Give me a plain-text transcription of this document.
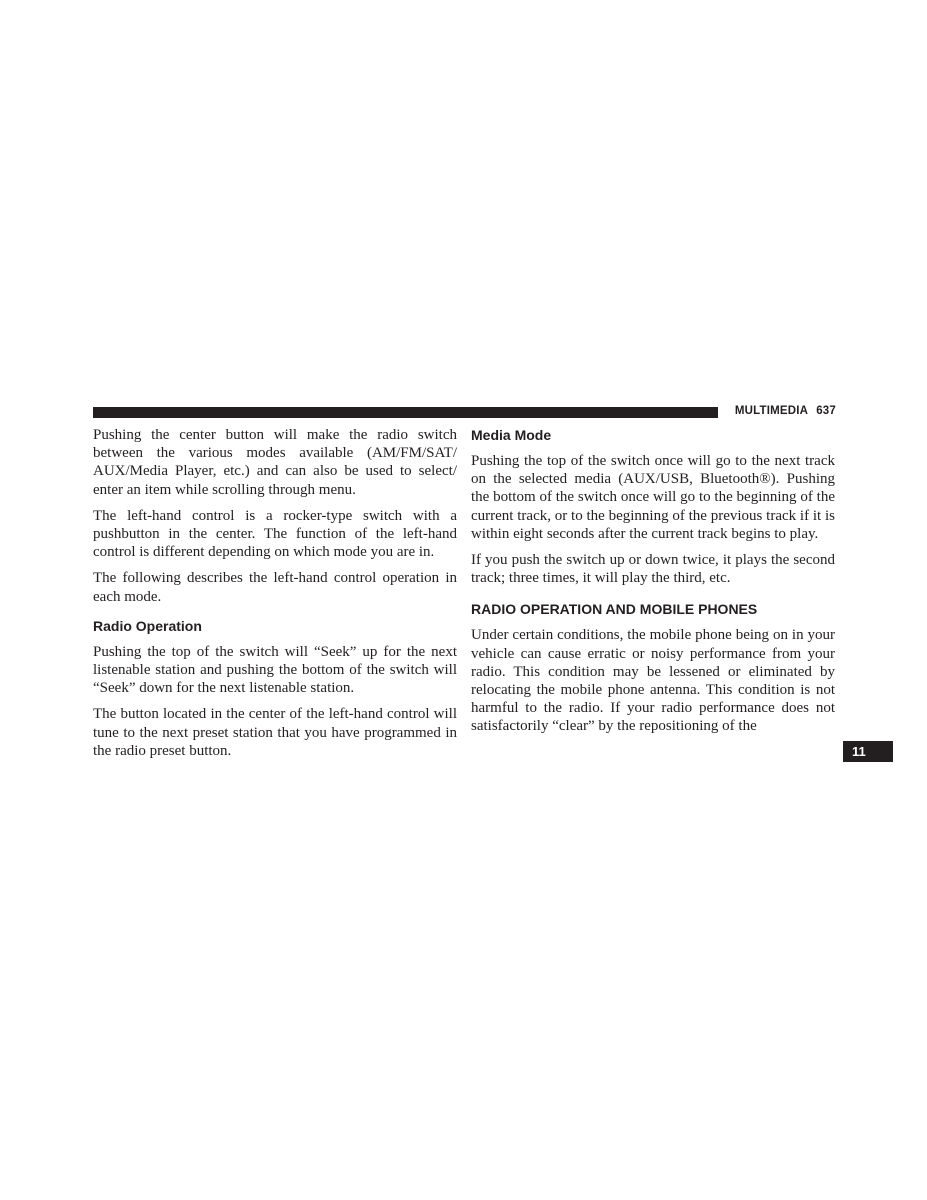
MULTIMEDIA 637

Pushing the center button will make the radio switch between the various modes available (AM/FM/SAT/ AUX/Media Player, etc.) and can also be used to select/ enter an item while scrolling through menu.

The left-hand control is a rocker-type switch with a pushbutton in the center. The function of the left-hand control is different depending on which mode you are in.

The following describes the left-hand control operation in each mode.

Radio Operation

Pushing the top of the switch will “Seek” up for the next listenable station and pushing the bottom of the switch will “Seek” down for the next listenable station.

The button located in the center of the left-hand control will tune to the next preset station that you have programmed in the radio preset button.

Media Mode

Pushing the top of the switch once will go to the next track on the selected media (AUX/USB, Bluetooth®). Pushing the bottom of the switch once will go to the beginning of the current track, or to the beginning of the previous track if it is within eight seconds after the current track begins to play.

If you push the switch up or down twice, it plays the second track; three times, it will play the third, etc.

RADIO OPERATION AND MOBILE PHONES

Under certain conditions, the mobile phone being on in your vehicle can cause erratic or noisy performance from your radio. This condition may be lessened or eliminated by relocating the mobile phone antenna. This condition is not harmful to the radio. If your radio performance does not satisfactorily “clear” by the repositioning of the

11
